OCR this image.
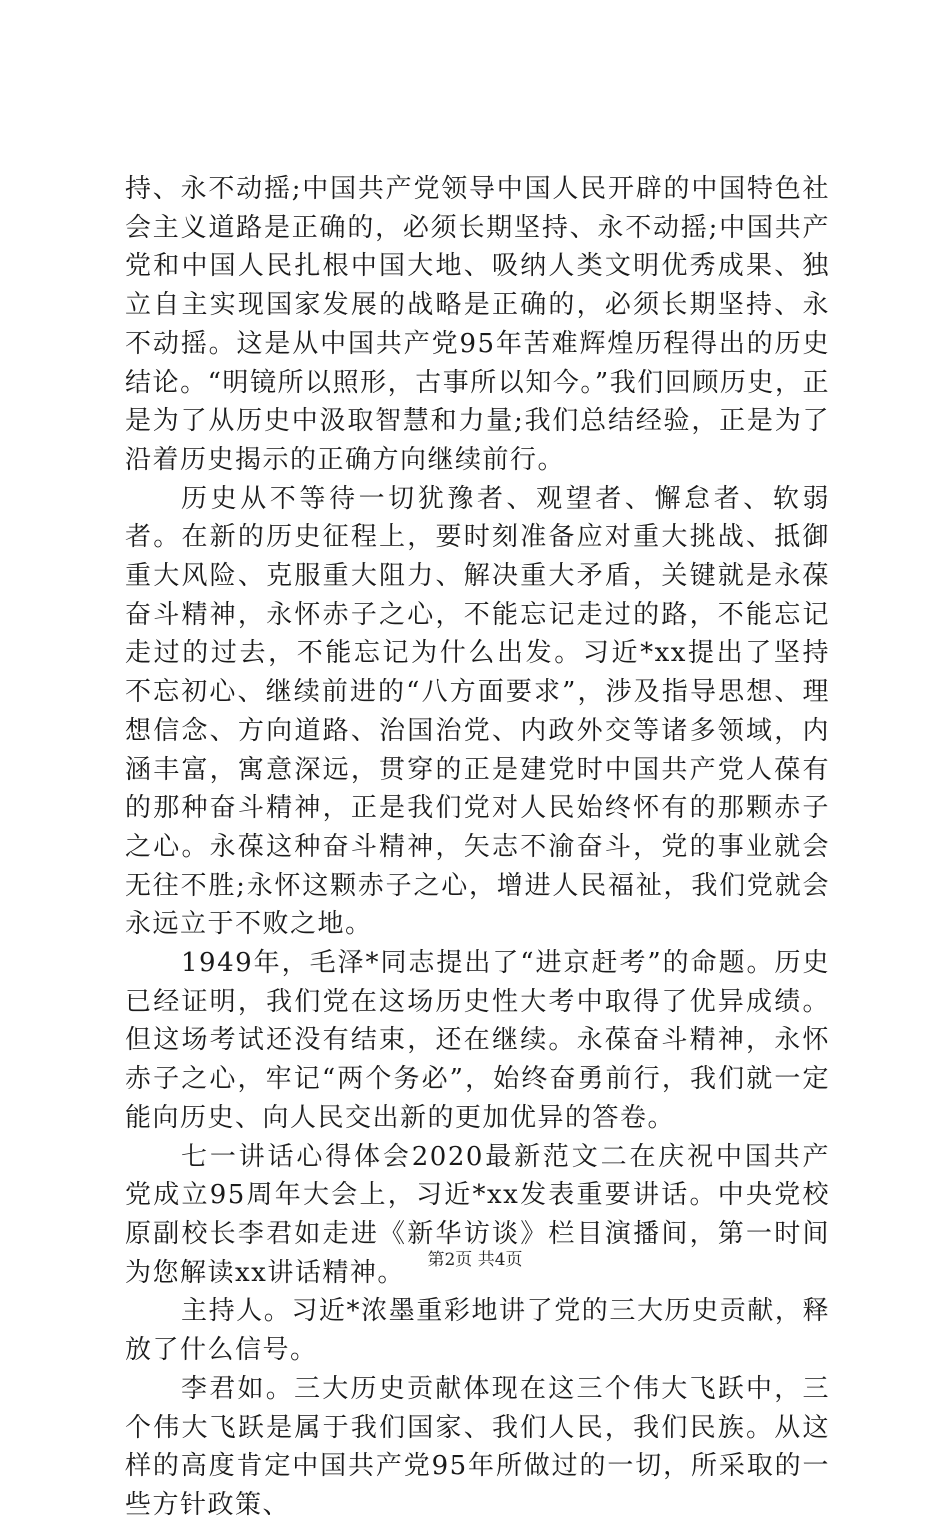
持、永不动摇;中国共产党领导中国人民开辟的中国特色社会主义道路是正确的，必须长期坚持、永不动摇;中国共产党和中国人民扎根中国大地、吸纳人类文明优秀成果、独立自主实现国家发展的战略是正确的，必须长期坚持、永不动摇。这是从中国共产党95年苦难辉煌历程得出的历史结论。“明镜所以照形，古事所以知今。”我们回顾历史，正是为了从历史中汲取智慧和力量;我们总结经验，正是为了沿着历史揭示的正确方向继续前行。

历史从不等待一切犹豫者、观望者、懈怠者、软弱者。在新的历史征程上，要时刻准备应对重大挑战、抵御重大风险、克服重大阻力、解决重大矛盾，关键就是永葆奋斗精神，永怀赤子之心，不能忘记走过的路，不能忘记走过的过去，不能忘记为什么出发。习近*xx提出了坚持不忘初心、继续前进的“八方面要求”，涉及指导思想、理想信念、方向道路、治国治党、内政外交等诸多领域，内涵丰富，寓意深远，贯穿的正是建党时中国共产党人葆有的那种奋斗精神，正是我们党对人民始终怀有的那颗赤子之心。永葆这种奋斗精神，矢志不渝奋斗，党的事业就会无往不胜;永怀这颗赤子之心，增进人民福祉，我们党就会永远立于不败之地。

1949年，毛泽*同志提出了“进京赶考”的命题。历史已经证明，我们党在这场历史性大考中取得了优异成绩。但这场考试还没有结束，还在继续。永葆奋斗精神，永怀赤子之心，牢记“两个务必”，始终奋勇前行，我们就一定能向历史、向人民交出新的更加优异的答卷。

七一讲话心得体会2020最新范文二在庆祝中国共产党成立95周年大会上，习近*xx发表重要讲话。中央党校原副校长李君如走进《新华访谈》栏目演播间，第一时间为您解读xx讲话精神。

主持人。习近*浓墨重彩地讲了党的三大历史贡献，释放了什么信号。

李君如。三大历史贡献体现在这三个伟大飞跃中，三个伟大飞跃是属于我们国家、我们人民，我们民族。从这样的高度肯定中国共产党95年所做过的一切，所采取的一些方针政策、

第2页 共4页
